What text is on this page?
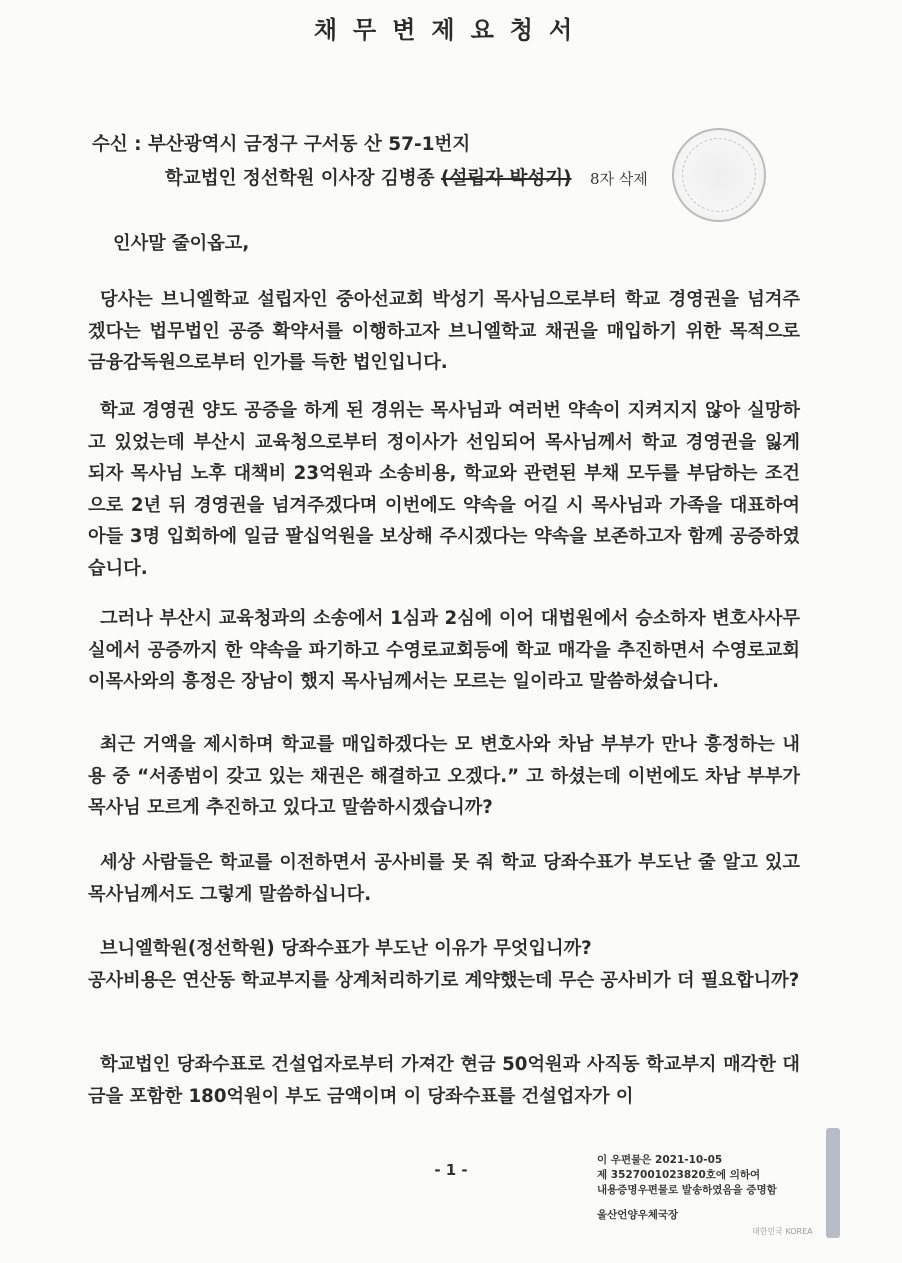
채무변제요청서
수신 : 부산광역시 금정구 구서동 산 57-1번지
학교법인 정선학원 이사장 김병종 (설립자 박성기) 8자 삭제

인사말 줄이옵고,

당사는 브니엘학교 설립자인 중아선교회 박성기 목사님으로부터 학교 경영권을 넘겨주겠다는 법무법인 공증 확약서를 이행하고자 브니엘학교 채권을 매입하기 위한 목적으로 금융감독원으로부터 인가를 득한 법인입니다.

학교 경영권 양도 공증을 하게 된 경위는 목사님과 여러번 약속이 지켜지지 않아 실망하고 있었는데 부산시 교육청으로부터 정이사가 선임되어 목사님께서 학교 경영권을 잃게 되자 목사님 노후 대책비 23억원과 소송비용, 학교와 관련된 부채 모두를 부담하는 조건으로 2년 뒤 경영권을 넘겨주겠다며 이번에도 약속을 어길 시 목사님과 가족을 대표하여 아들 3명 입회하에 일금 팔십억원을 보상해 주시겠다는 약속을 보존하고자 함께 공증하였습니다.

그러나 부산시 교육청과의 소송에서 1심과 2심에 이어 대법원에서 승소하자 변호사사무실에서 공증까지 한 약속을 파기하고 수영로교회등에 학교 매각을 추진하면서 수영로교회 이목사와의 흥정은 장남이 했지 목사님께서는 모르는 일이라고 말씀하셨습니다.

최근 거액을 제시하며 학교를 매입하겠다는 모 변호사와 차남 부부가 만나 흥정하는 내용 중 “서종범이 갖고 있는 채권은 해결하고 오겠다.” 고 하셨는데 이번에도 차남 부부가 목사님 모르게 추진하고 있다고 말씀하시겠습니까?

세상 사람들은 학교를 이전하면서 공사비를 못 줘 학교 당좌수표가 부도난 줄 알고 있고 목사님께서도 그렇게 말씀하십니다.

브니엘학원(정선학원) 당좌수표가 부도난 이유가 무엇입니까?

공사비용은 연산동 학교부지를 상계처리하기로 계약했는데 무슨 공사비가 더 필요합니까?

학교법인 당좌수표로 건설업자로부터 가져간 현금 50억원과 사직동 학교부지 매각한 대금을 포함한 180억원이 부도 금액이며 이 당좌수표를 건설업자가 이

- 1 -
이 우편물은 2021-10-05
제 3527001023820호에 의하여
내용증명우편물로 발송하였음을 증명함
울산언양우체국장
대한민국 KOREA
